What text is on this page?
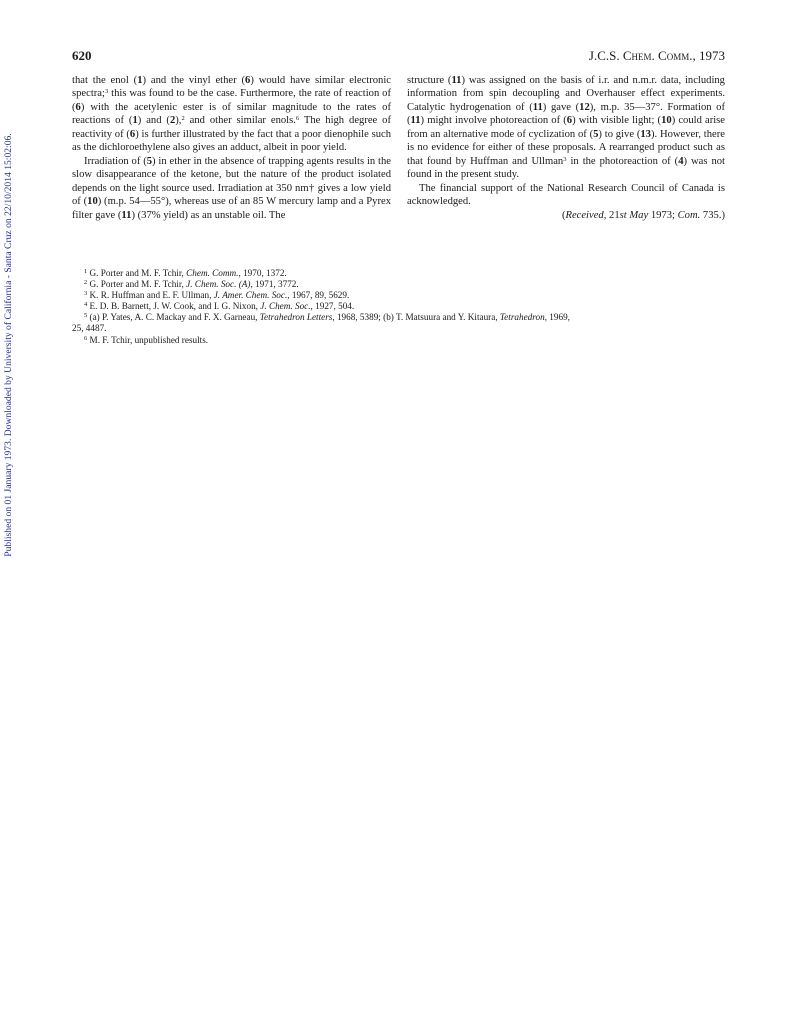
Published on 01 January 1973. Downloaded by University of California - Santa Cruz on 22/10/2014 15:02:06.
620	J.C.S. Chem. Comm., 1973

that the enol (1) and the vinyl ether (6) would have similar electronic spectra;$^3$ this was found to be the case. Furthermore, the rate of reaction of (6) with the acetylenic ester is of similar magnitude to the rates of reactions of (1) and (2),$^2$ and other similar enols.$^6$ The high degree of reactivity of (6) is further illustrated by the fact that a poor dienophile such as the dichloroethylene also gives an adduct, albeit in poor yield.

Irradiation of (5) in ether in the absence of trapping agents results in the slow disappearance of the ketone, but the nature of the product isolated depends on the light source used. Irradiation at 350 nm† gives a low yield of (10) (m.p. 54—55°), whereas use of an 85 W mercury lamp and a Pyrex filter gave (11) (37% yield) as an unstable oil. The

structure (11) was assigned on the basis of i.r. and n.m.r. data, including information from spin decoupling and Overhauser effect experiments. Catalytic hydrogenation of (11) gave (12), m.p. 35—37°. Formation of (11) might involve photoreaction of (6) with visible light; (10) could arise from an alternative mode of cyclization of (5) to give (13). However, there is no evidence for either of these proposals. A rearranged product such as that found by Huffman and Ullman$^3$ in the photoreaction of (4) was not found in the present study.

The financial support of the National Research Council of Canada is acknowledged.

(Received, 21st May 1973; Com. 735.)

$^1$ G. Porter and M. F. Tchir, Chem. Comm., 1970, 1372.
$^2$ G. Porter and M. F. Tchir, J. Chem. Soc. (A), 1971, 3772.
$^3$ K. R. Huffman and E. F. Ullman, J. Amer. Chem. Soc., 1967, 89, 5629.
$^4$ E. D. B. Barnett, J. W. Cook, and I. G. Nixon, J. Chem. Soc., 1927, 504.
$^5$ (a) P. Yates, A. C. Mackay and F. X. Garneau, Tetrahedron Letters, 1968, 5389; (b) T. Matsuura and Y. Kitaura, Tetrahedron, 1969,
25, 4487.
$^6$ M. F. Tchir, unpublished results.
